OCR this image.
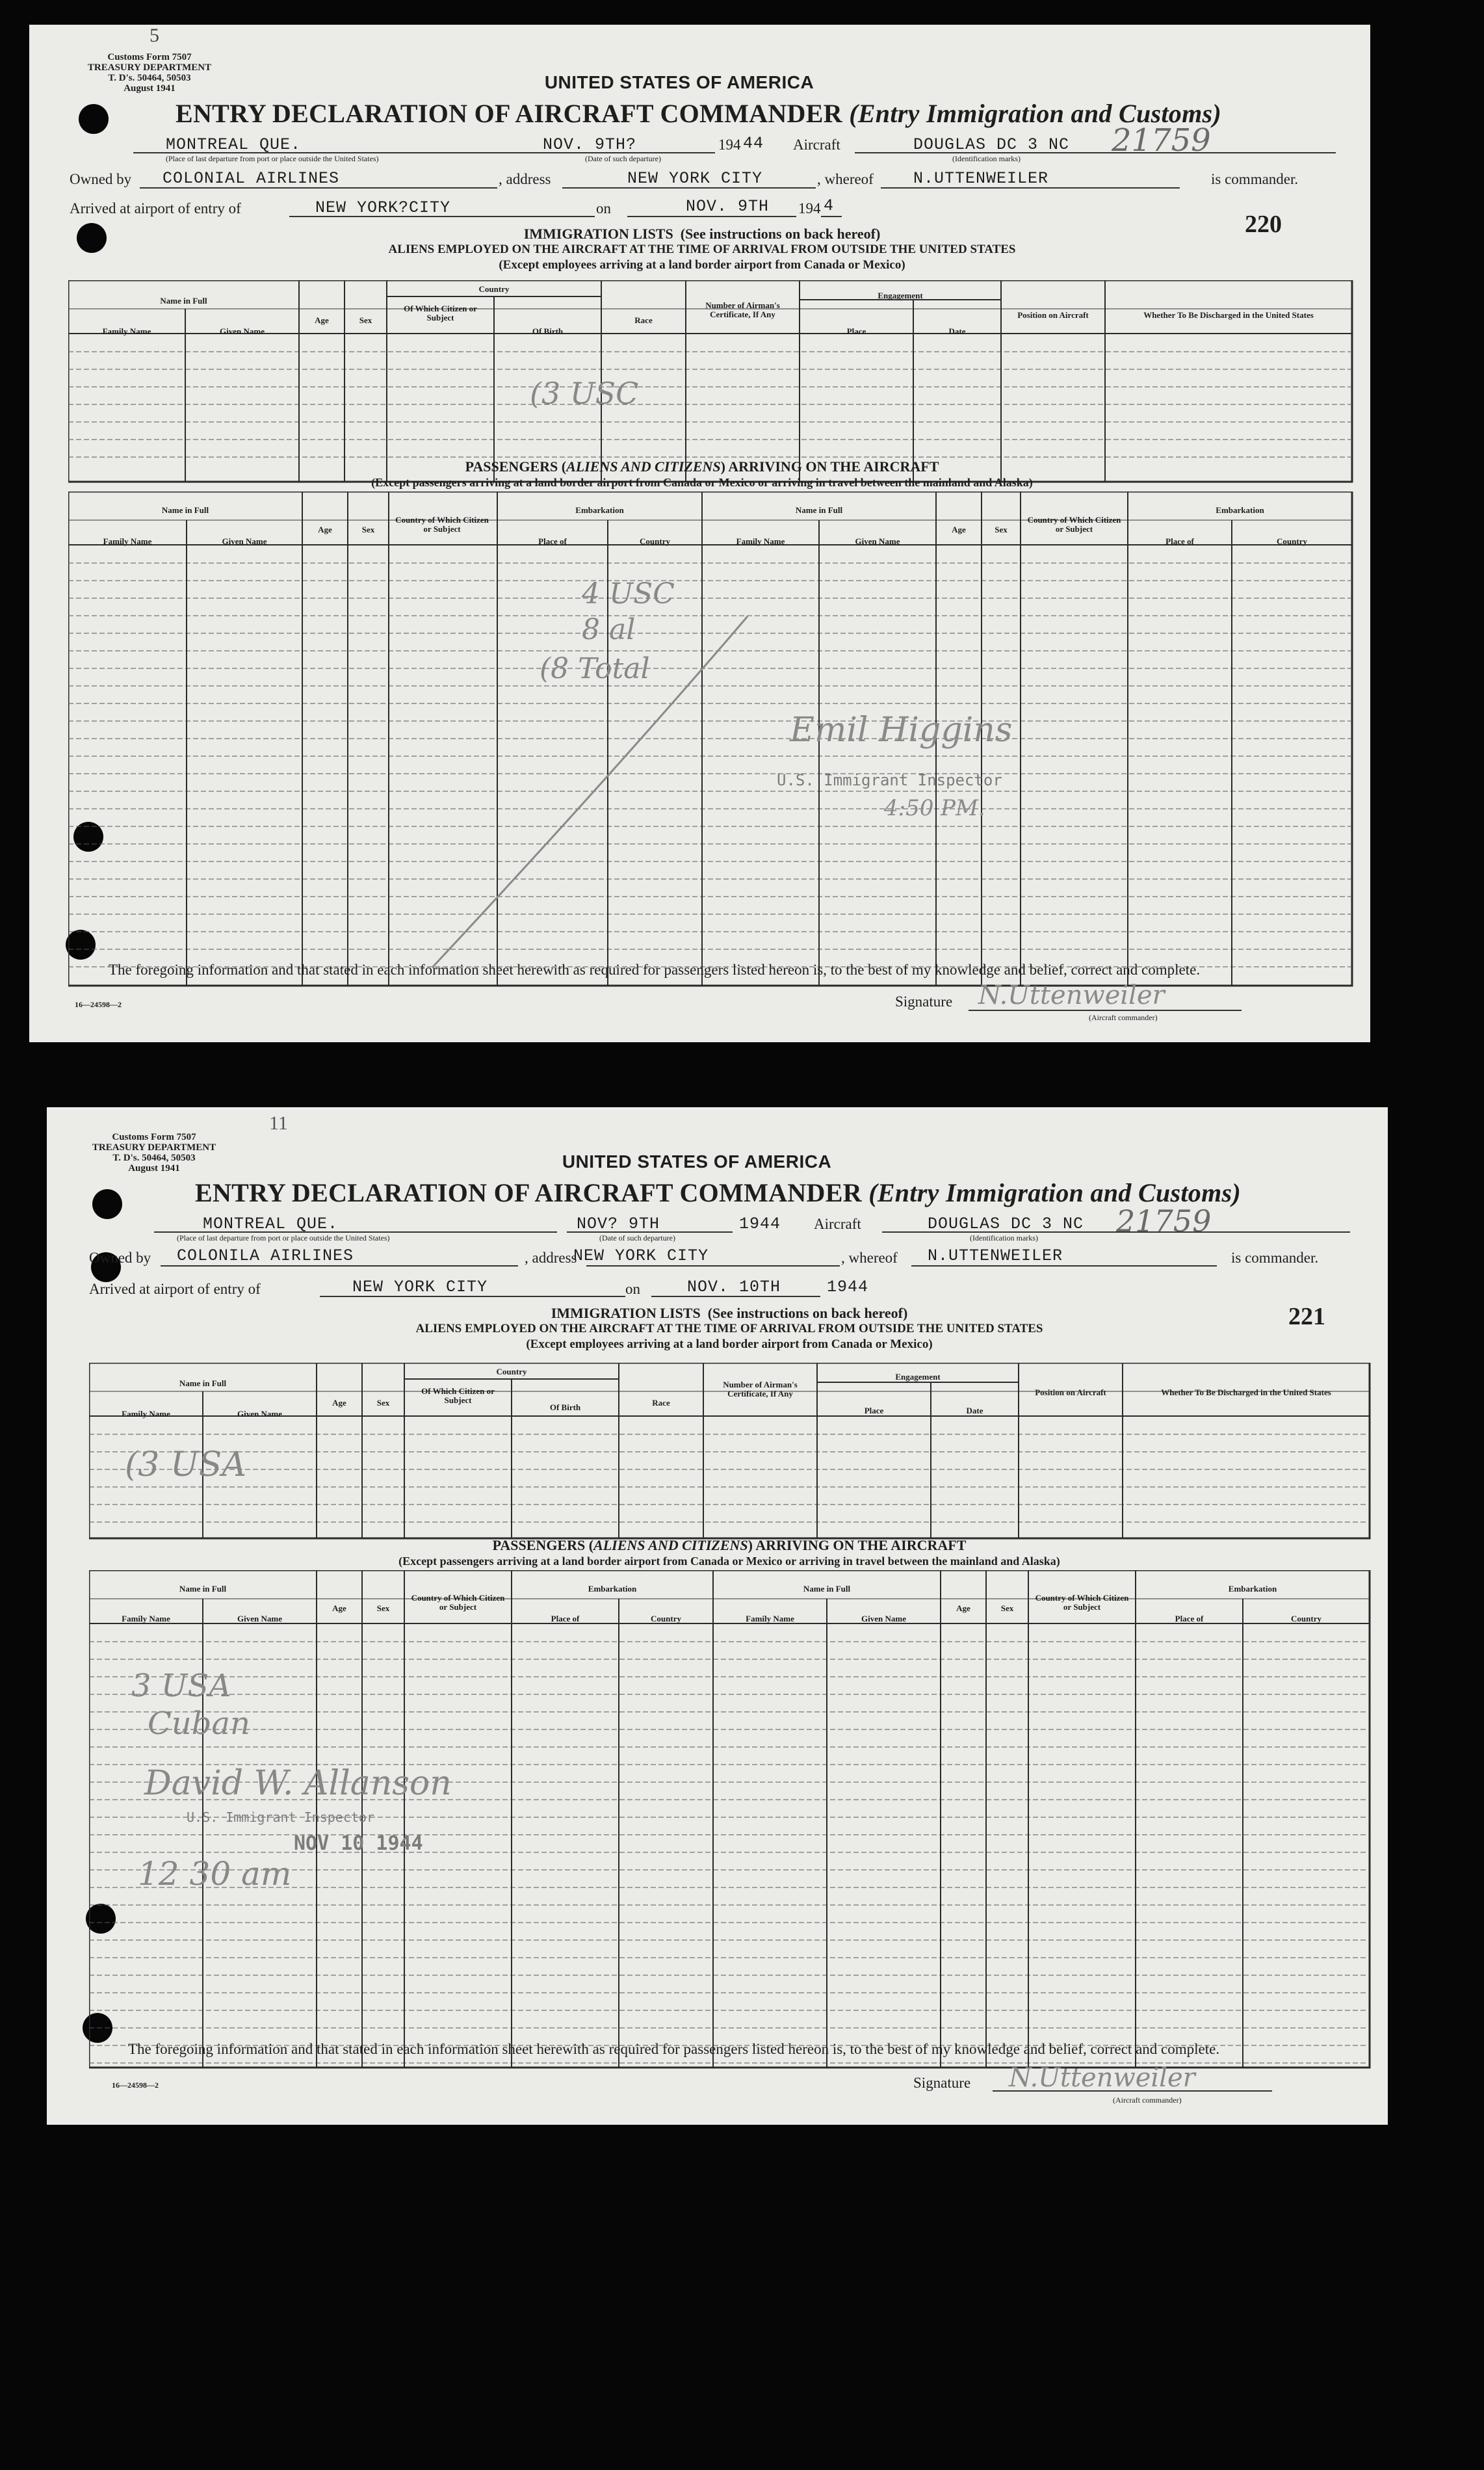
5
Customs Form 7507
TREASURY DEPARTMENT
T. D's. 50464, 50503
August 1941	UNITED STATES OF AMERICA
ENTRY DECLARATION OF AIRCRAFT COMMANDER (Entry Immigration and Customs)
MONTREAL QUE.
(Place of last departure from port or place outside the United States)
NOV. 9TH?
(Date of such departure)
194 44 Aircraft	DOUGLAS DC 3 NC 21759
(Identification marks)
Owned by COLONIAL AIRLINES	, address	NEW YORK CITY	, whereof N.UTTENWEILER	is commander.
Arrived at airport of entry of	NEW YORK?CITY	on	NOV. 9TH 194 4
220
IMMIGRATION LISTS (See instructions on back hereof)
ALIENS EMPLOYED ON THE AIRCRAFT AT THE TIME OF ARRIVAL FROM OUTSIDE THE UNITED STATES
(Except employees arriving at a land border airport from Canada or Mexico)
Name in Full
Family Name	Given Name
Age	Sex
Country
Of Which Citizen or Subject
Of Birth
Race
Number of Airman's Certificate, If Any
Engagement
Place	Date
Position on Aircraft	Whether To Be Discharged in the United States
(3 USC
PASSENGERS (ALIENS AND CITIZENS) ARRIVING ON THE AIRCRAFT
(Except passengers arriving at a land border airport from Canada or Mexico or arriving in travel between the mainland and Alaska)
Name in Full
Family Name	Given Name
Age	Sex
Country of Which Citizen or Subject
Embarkation
Place of	Country
Name in Full
Family Name	Given Name
Age	Sex
Country of Which Citizen or Subject
Embarkation
Place of	Country
4 USC
8 al
(8 Total
Emil Higgins
U.S. Immigrant Inspector
4:50 PM.
The foregoing information and that stated in each information sheet herewith as required for passengers listed hereon is, to the best of my knowledge and belief, correct and complete.
16—24598—2	Signature N.Uttenweiler
(Aircraft commander)
11
Customs Form 7507
TREASURY DEPARTMENT
T. D's. 50464, 50503
August 1941	UNITED STATES OF AMERICA
ENTRY DECLARATION OF AIRCRAFT COMMANDER (Entry Immigration and Customs)
MONTREAL QUE.
(Place of last departure from port or place outside the United States)
NOV? 9TH
(Date of such departure)
1944 Aircraft	DOUGLAS DC 3 NC 21759
(Identification marks)
Owned by COLONILA AIRLINES	, address
NEW YORK CITY	, whereof N.UTTENWEILER	is commander.
Arrived at airport of entry of	NEW YORK CITY	on	NOV. 10TH	1944
221
IMMIGRATION LISTS (See instructions on back hereof)
ALIENS EMPLOYED ON THE AIRCRAFT AT THE TIME OF ARRIVAL FROM OUTSIDE THE UNITED STATES
(Except employees arriving at a land border airport from Canada or Mexico)
Name in Full
Family Name	Given Name
Age	Sex
Country
Of Which Citizen or Subject
Of Birth	Race
Number of Airman's Certificate, If Any
Engagement
Place	Date
Position on Aircraft	Whether To Be Discharged in the United States
(3 USA
PASSENGERS (ALIENS AND CITIZENS) ARRIVING ON THE AIRCRAFT
(Except passengers arriving at a land border airport from Canada or Mexico or arriving in travel between the mainland and Alaska)
Name in Full
Family Name	Given Name
Age	Sex
Country of Which Citizen or Subject
Embarkation
Place of	Country
Name in Full
Family Name	Given Name
Age	Sex
Country of Which Citizen or Subject
Embarkation
Place of	Country
3 USA
Cuban
David W. Allanson
U.S. Immigrant Inspector
12 30 am
NOV 10 1944
The foregoing information and that stated in each information sheet herewith as required for passengers listed hereon is, to the best of my knowledge and belief, correct and complete.
16—24598—2	Signature N.Uttenweiler
(Aircraft commander)
